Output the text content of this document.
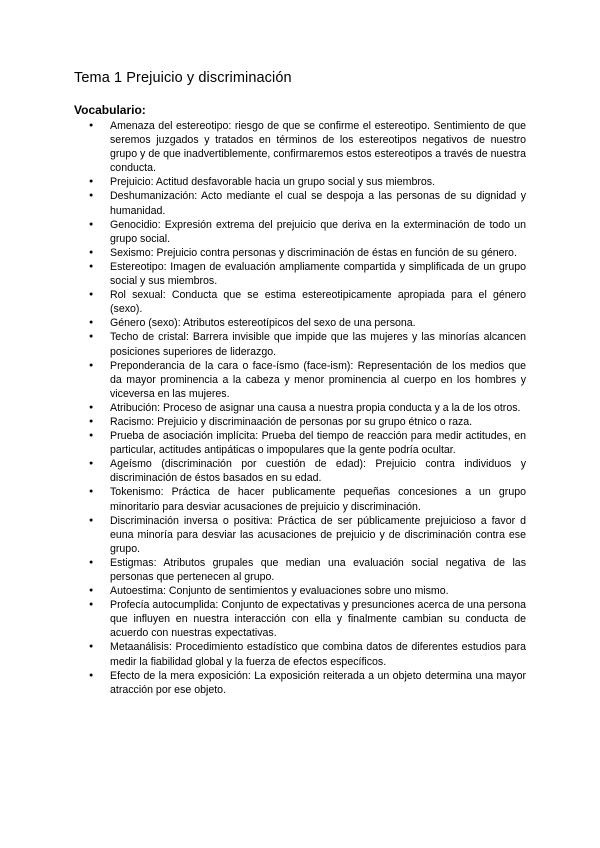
Tema 1 Prejuicio y discriminación
Vocabulario:
● Amenaza del estereotipo: riesgo de que se confirme el estereotipo. Sentimiento de que seremos juzgados y tratados en términos de los estereotipos negativos de nuestro grupo y de que inadvertiblemente, confirmaremos estos estereotipos a través de nuestra conducta.
● Prejuicio: Actitud desfavorable hacia un grupo social y sus miembros.
● Deshumanización: Acto mediante el cual se despoja a las personas de su dignidad y humanidad.
● Genocidio: Expresión extrema del prejuicio que deriva en la exterminación de todo un grupo social.
● Sexismo: Prejuicio contra personas y discriminación de éstas en función de su género.
● Estereotipo: Imagen de evaluación ampliamente compartida y simplificada de un grupo social y sus miembros.
● Rol sexual: Conducta que se estima estereotipicamente apropiada para el género (sexo).
● Género (sexo): Atributos estereotípicos del sexo de una persona.
● Techo de cristal: Barrera invisible que impide que las mujeres y las minorías alcancen posiciones superiores de liderazgo.
● Preponderancia de la cara o face-ísmo (face-ism): Representación de los medios que da mayor prominencia a la cabeza y menor prominencia al cuerpo en los hombres y viceversa en las mujeres.
● Atribución: Proceso de asignar una causa a nuestra propia conducta y a la de los otros.
● Racismo: Prejuicio y discriminaación de personas por su grupo étnico o raza.
● Prueba de asociación implícita: Prueba del tiempo de reacción para medir actitudes, en particular, actitudes antipáticas o impopulares que la gente podría ocultar.
● Ageísmo (discriminación por cuestión de edad): Prejuicio contra individuos y discriminación de éstos basados en su edad.
● Tokenismo: Práctica de hacer publicamente pequeñas concesiones a un grupo minoritario para desviar acusaciones de prejuicio y discriminación.
● Discriminación inversa o positiva: Práctica de ser públicamente prejuicioso a favor d euna minoría para desviar las acusaciones de prejuicio y de discriminación contra ese grupo.
● Estigmas: Atributos grupales que median una evaluación social negativa de las personas que pertenecen al grupo.
● Autoestima: Conjunto de sentimientos y evaluaciones sobre uno mismo.
● Profecía autocumplida: Conjunto de expectativas y presunciones acerca de una persona que influyen en nuestra interacción con ella y finalmente cambian su conducta de acuerdo con nuestras expectativas.
● Metaanálisis: Procedimiento estadístico que combina datos de diferentes estudios para medir la fiabilidad global y la fuerza de efectos específicos.
● Efecto de la mera exposición: La exposición reiterada a un objeto determina una mayor atracción por ese objeto.
